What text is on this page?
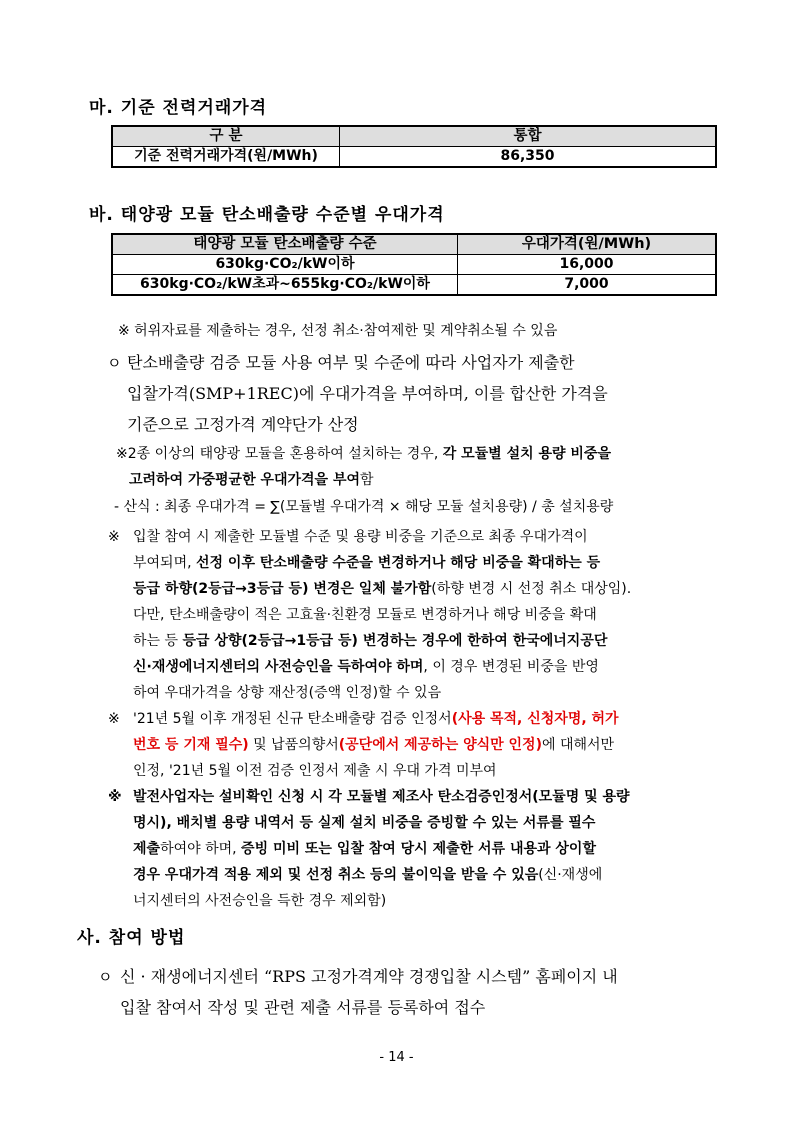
마. 기준 전력거래가격
구 분	통합
기준 전력거래가격(원/MWh)	86,350
바. 태양광 모듈 탄소배출량 수준별 우대가격
태양광 모듈 탄소배출량 수준	우대가격(원/MWh)
630kg·CO₂/kW이하	16,000
630kg·CO₂/kW초과~655kg·CO₂/kW이하	7,000
※ 허위자료를 제출하는 경우, 선정 취소·참여제한 및 계약취소될 수 있음
ㅇ 탄소배출량 검증 모듈 사용 여부 및 수준에 따라 사업자가 제출한
입찰가격(SMP+1REC)에 우대가격을 부여하며, 이를 합산한 가격을
기준으로 고정가격 계약단가 산정
※2종 이상의 태양광 모듈을 혼용하여 설치하는 경우, 각 모듈별 설치 용량 비중을
고려하여 가중평균한 우대가격을 부여함
- 산식 : 최종 우대가격 = ∑(모듈별 우대가격 × 해당 모듈 설치용량) / 총 설치용량
※ 입찰 참여 시 제출한 모듈별 수준 및 용량 비중을 기준으로 최종 우대가격이
부여되며, 선정 이후 탄소배출량 수준을 변경하거나 해당 비중을 확대하는 등
등급 하향(2등급→3등급 등) 변경은 일체 불가함(하향 변경 시 선정 취소 대상임).
다만, 탄소배출량이 적은 고효율·친환경 모듈로 변경하거나 해당 비중을 확대
하는 등 등급 상향(2등급→1등급 등) 변경하는 경우에 한하여 한국에너지공단
신·재생에너지센터의 사전승인을 득하여야 하며, 이 경우 변경된 비중을 반영
하여 우대가격을 상향 재산정(증액 인정)할 수 있음
※ '21년 5월 이후 개정된 신규 탄소배출량 검증 인정서(사용 목적, 신청자명, 허가
번호 등 기재 필수) 및 납품의향서(공단에서 제공하는 양식만 인정)에 대해서만
인정, '21년 5월 이전 검증 인정서 제출 시 우대 가격 미부여
※ 발전사업자는 설비확인 신청 시 각 모듈별 제조사 탄소검증인정서(모듈명 및 용량
명시), 배치별 용량 내역서 등 실제 설치 비중을 증빙할 수 있는 서류를 필수
제출하여야 하며, 증빙 미비 또는 입찰 참여 당시 제출한 서류 내용과 상이할
경우 우대가격 적용 제외 및 선정 취소 등의 불이익을 받을 수 있음(신·재생에
너지센터의 사전승인을 득한 경우 제외함)
사. 참여 방법
ㅇ 신 · 재생에너지센터 “RPS 고정가격계약 경쟁입찰 시스템” 홈페이지 내
입찰 참여서 작성 및 관련 제출 서류를 등록하여 접수
- 14 -
